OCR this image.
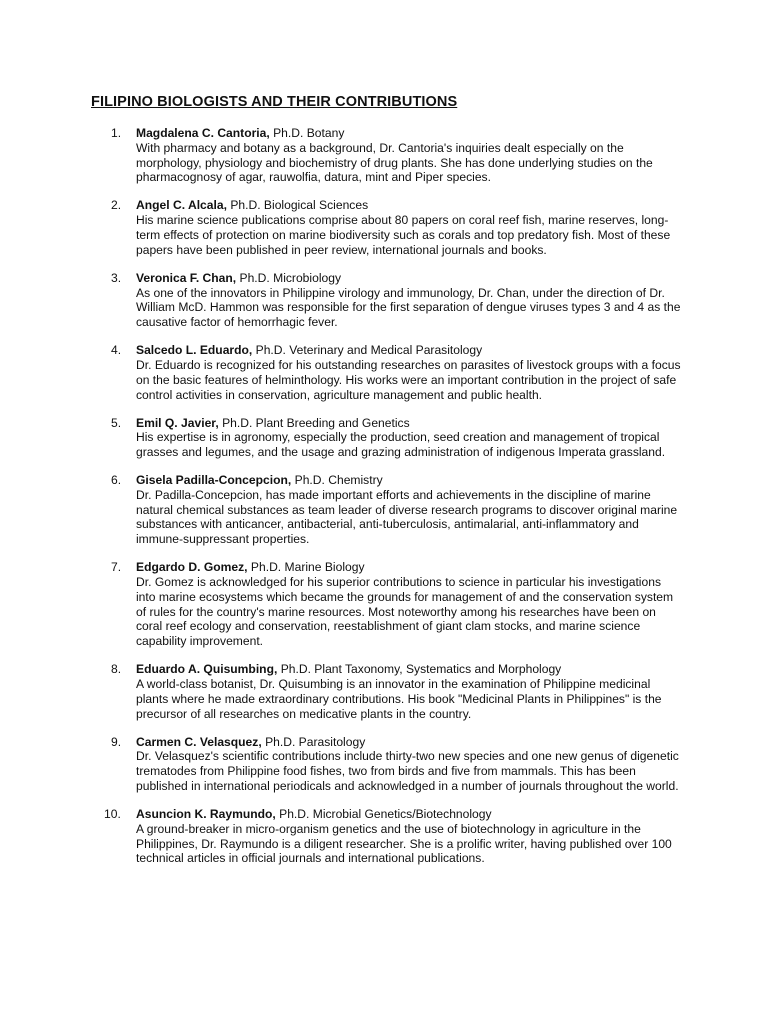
FILIPINO BIOLOGISTS AND THEIR CONTRIBUTIONS
1.	Magdalena C. Cantoria, Ph.D. Botany
With pharmacy and botany as a background, Dr. Cantoria's inquiries dealt especially on the morphology, physiology and biochemistry of drug plants. She has done underlying studies on the pharmacognosy of agar, rauwolfia, datura, mint and Piper species.
2.	Angel C. Alcala, Ph.D. Biological Sciences
His marine science publications comprise about 80 papers on coral reef fish, marine reserves, long-term effects of protection on marine biodiversity such as corals and top predatory fish. Most of these papers have been published in peer review, international journals and books.
3.	Veronica F. Chan, Ph.D. Microbiology
As one of the innovators in Philippine virology and immunology, Dr. Chan, under the direction of Dr. William McD. Hammon was responsible for the first separation of dengue viruses types 3 and 4 as the causative factor of hemorrhagic fever.
4.	Salcedo L. Eduardo, Ph.D. Veterinary and Medical Parasitology
Dr. Eduardo is recognized for his outstanding researches on parasites of livestock groups with a focus on the basic features of helminthology. His works were an important contribution in the project of safe control activities in conservation, agriculture management and public health.
5.	Emil Q. Javier, Ph.D. Plant Breeding and Genetics
His expertise is in agronomy, especially the production, seed creation and management of tropical grasses and legumes, and the usage and grazing administration of indigenous Imperata grassland.
6.	Gisela Padilla-Concepcion, Ph.D. Chemistry
Dr. Padilla-Concepcion, has made important efforts and achievements in the discipline of marine natural chemical substances as team leader of diverse research programs to discover original marine substances with anticancer, antibacterial, anti-tuberculosis, antimalarial, anti-inflammatory and immune-suppressant properties.
7.	Edgardo D. Gomez, Ph.D. Marine Biology
Dr. Gomez is acknowledged for his superior contributions to science in particular his investigations into marine ecosystems which became the grounds for management of and the conservation system of rules for the country's marine resources. Most noteworthy among his researches have been on coral reef ecology and conservation, reestablishment of giant clam stocks, and marine science capability improvement.
8.	Eduardo A. Quisumbing, Ph.D. Plant Taxonomy, Systematics and Morphology
A world-class botanist, Dr. Quisumbing is an innovator in the examination of Philippine medicinal plants where he made extraordinary contributions. His book "Medicinal Plants in Philippines" is the precursor of all researches on medicative plants in the country.
9.	Carmen C. Velasquez, Ph.D. Parasitology
Dr. Velasquez's scientific contributions include thirty-two new species and one new genus of digenetic trematodes from Philippine food fishes, two from birds and five from mammals. This has been published in international periodicals and acknowledged in a number of journals throughout the world.
10. Asuncion K. Raymundo, Ph.D. Microbial Genetics/Biotechnology
A ground-breaker in micro-organism genetics and the use of biotechnology in agriculture in the Philippines, Dr. Raymundo is a diligent researcher. She is a prolific writer, having published over 100 technical articles in official journals and international publications.
